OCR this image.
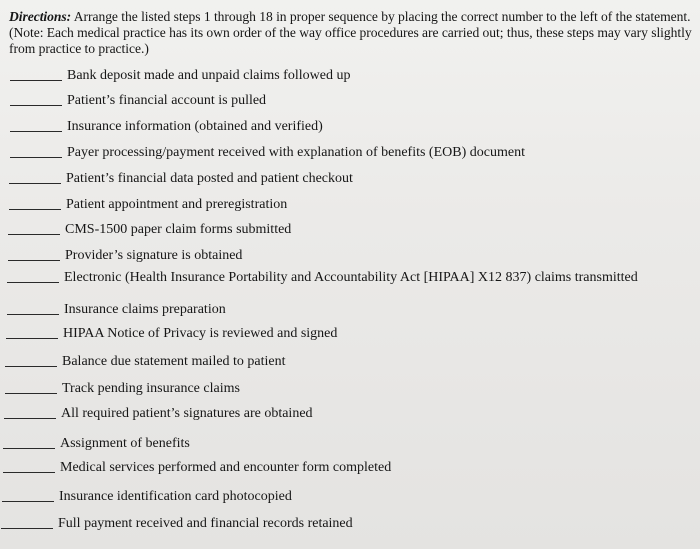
Directions: Arrange the listed steps 1 through 18 in proper sequence by placing the correct number to the left of the statement. (Note: Each medical practice has its own order of the way office procedures are carried out; thus, these steps may vary slightly from practice to practice.)
Bank deposit made and unpaid claims followed up
Patient’s financial account is pulled
Insurance information (obtained and verified)
Payer processing/payment received with explanation of benefits (EOB) document
Patient’s financial data posted and patient checkout
Patient appointment and preregistration
CMS-1500 paper claim forms submitted
Provider’s signature is obtained
Electronic (Health Insurance Portability and Accountability Act [HIPAA] X12 837) claims transmitted
Insurance claims preparation
HIPAA Notice of Privacy is reviewed and signed
Balance due statement mailed to patient
Track pending insurance claims
All required patient’s signatures are obtained
Assignment of benefits
Medical services performed and encounter form completed
Insurance identification card photocopied
Full payment received and financial records retained
